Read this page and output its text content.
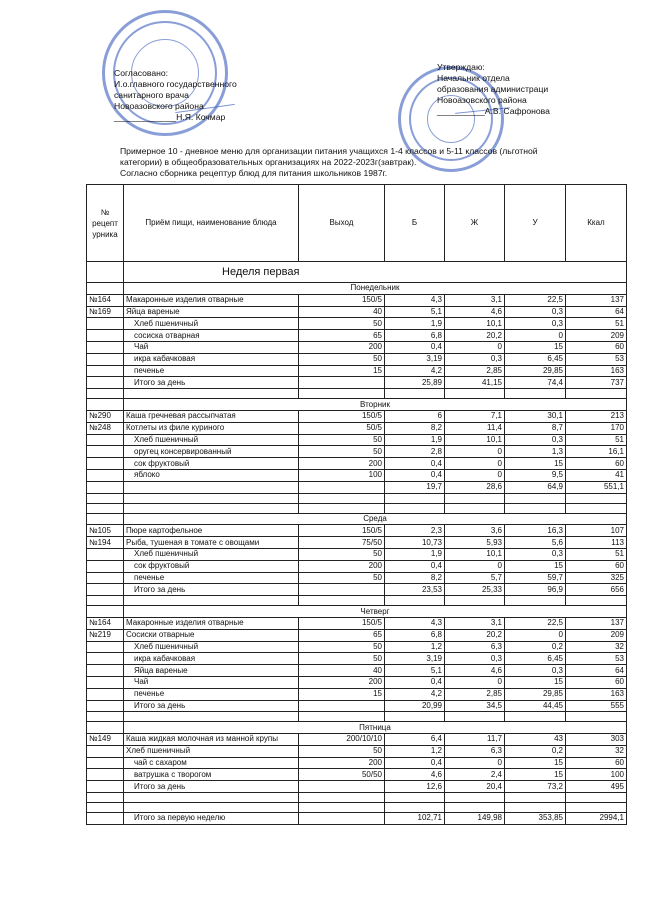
Согласовано:
И.о.главного государственного
санитарного врача
Новоазовского района
_____________Н.Я. Кочмар
Утверждаю:
Начальник отдела
образования администраци
Новоазовского района
__________А.В. Сафронова
Примерное 10 - дневное меню для организации питания учащихся 1-4 классов и 5-11 классов (льготной
категории) в общеобразовательных организациях на 2022-2023г(завтрак).
Согласно сборника рецептур блюд для питания школьников 1987г.
№ рецепт урника	Приём пищи, наименование блюда	Выход	Б	Ж	У	Ккал
	Неделя первая					
	Понедельник					
№164	Макаронные изделия отварные	150/5	4,3	3,1	22,5	137
№169	Яйца вареные	40	5,1	4,6	0,3	64
	Хлеб пшеничный	50	1,9	10,1	0,3	51
	сосиска отварная	65	6,8	20,2	0	209
	Чай	200	0,4	0	15	60
	икра кабачковая	50	3,19	0,3	6,45	53
	печенье	15	4,2	2,85	29,85	163
	Итого за день		25,89	41,15	74,4	737

	Вторник					
№290	Каша гречневая рассыпчатая	150/5	6	7,1	30,1	213
№248	Котлеты из филе куриного	50/5	8,2	11,4	8,7	170
	Хлеб пшеничный	50	1,9	10,1	0,3	51
	оругец консервированный	50	2,8	0	1,3	16,1
	сок фруктовый	200	0,4	0	15	60
	яблоко	100	0,4	0	9,5	41
			19,7	28,6	64,9	551,1

	Среда					
№105	Пюре картофельное	150/5	2,3	3,6	16,3	107
№194	Рыба, тушеная в томате с овощами	75/50	10,73	5,93	5,6	113
	Хлеб пшеничный	50	1,9	10,1	0,3	51
	сок фруктовый	200	0,4	0	15	60
	печенье	50	8,2	5,7	59,7	325
	Итого за день		23,53	25,33	96,9	656

	Четверг					
№164	Макаронные изделия отварные	150/5	4,3	3,1	22,5	137
№219	Сосиски отварные	65	6,8	20,2	0	209
	Хлеб пшеничный	50	1,2	6,3	0,2	32
	икра кабачковая	50	3,19	0,3	6,45	53
	Яйца вареные	40	5,1	4,6	0,3	64
	Чай	200	0,4	0	15	60
	печенье	15	4,2	2,85	29,85	163
	Итого за день		20,99	34,5	44,45	555

	Пятница					
№149	Каша жидкая молочная из манной крупы	200/10/10	6,4	11,7	43	303
	Хлеб пшеничный	50	1,2	6,3	0,2	32
	чай с сахаром	200	0,4	0	15	60
	ватрушка с творогом	50/50	4,6	2,4	15	100
	Итого за день		12,6	20,4	73,2	495

	Итого за первую неделю		102,71	149,98	353,85	2994,1
